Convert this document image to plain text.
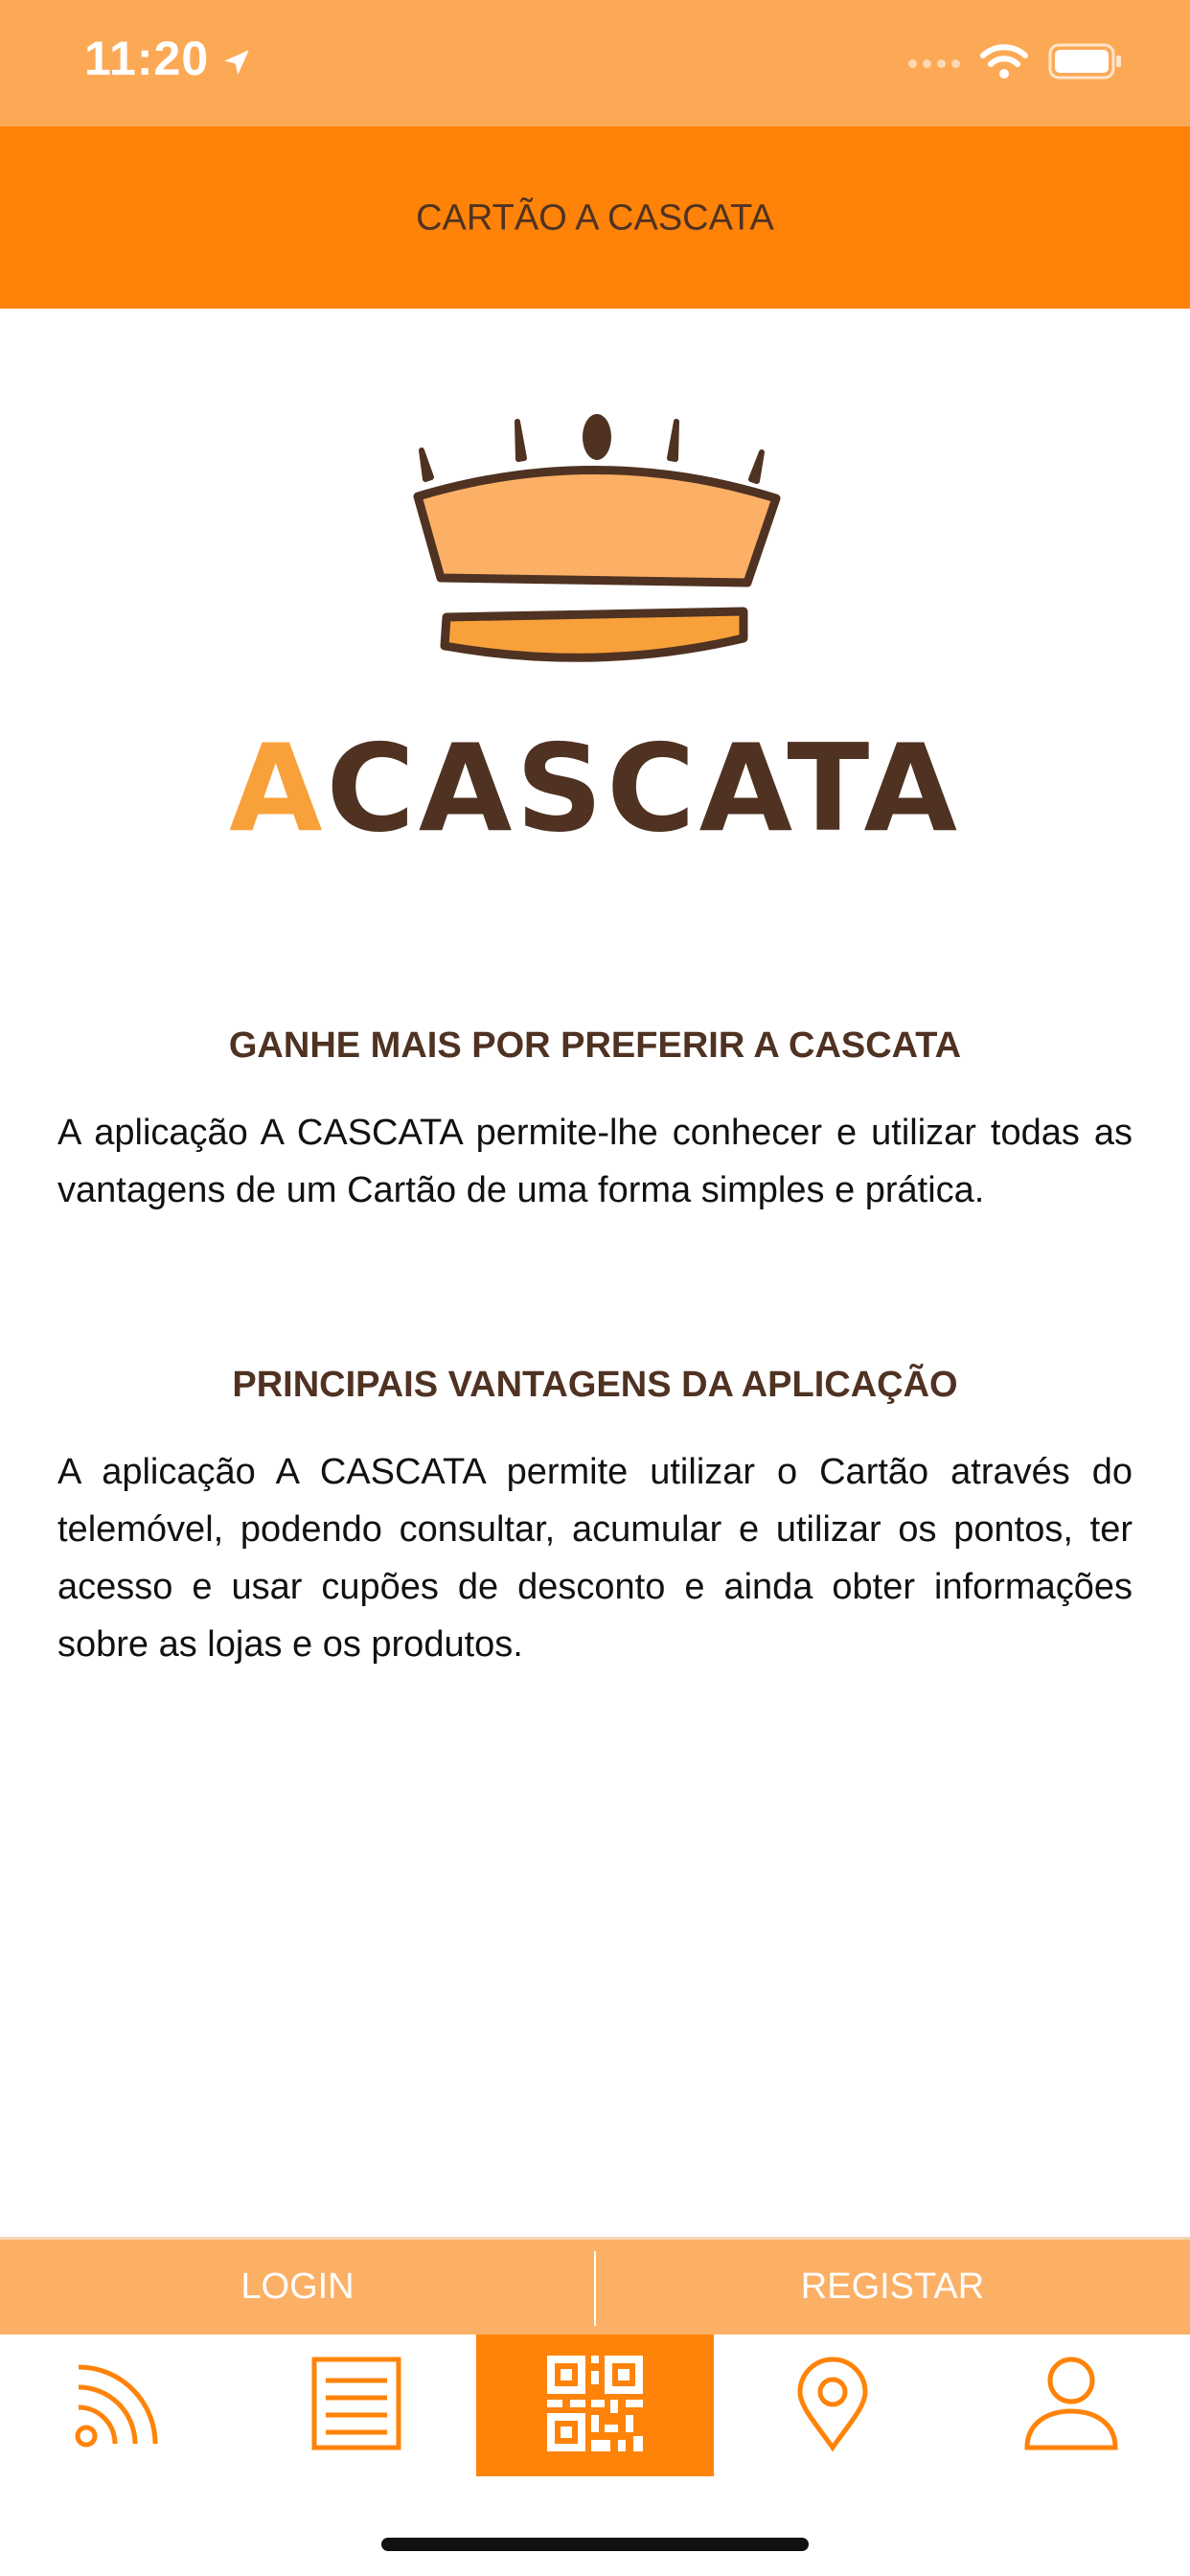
11:20
CARTÃO A CASCATA
ACASCATA
GANHE MAIS POR PREFERIR A CASCATA
A aplicação A CASCATA permite-lhe conhecer e utilizar todas as vantagens de um Cartão de uma forma simples e prática.
PRINCIPAIS VANTAGENS DA APLICAÇÃO
A aplicação A CASCATA permite utilizar o Cartão através do telemóvel, podendo consultar, acumular e utilizar os pontos, ter acesso e usar cupões de desconto e ainda obter informações sobre as lojas e os produtos.
LOGIN	REGISTAR
